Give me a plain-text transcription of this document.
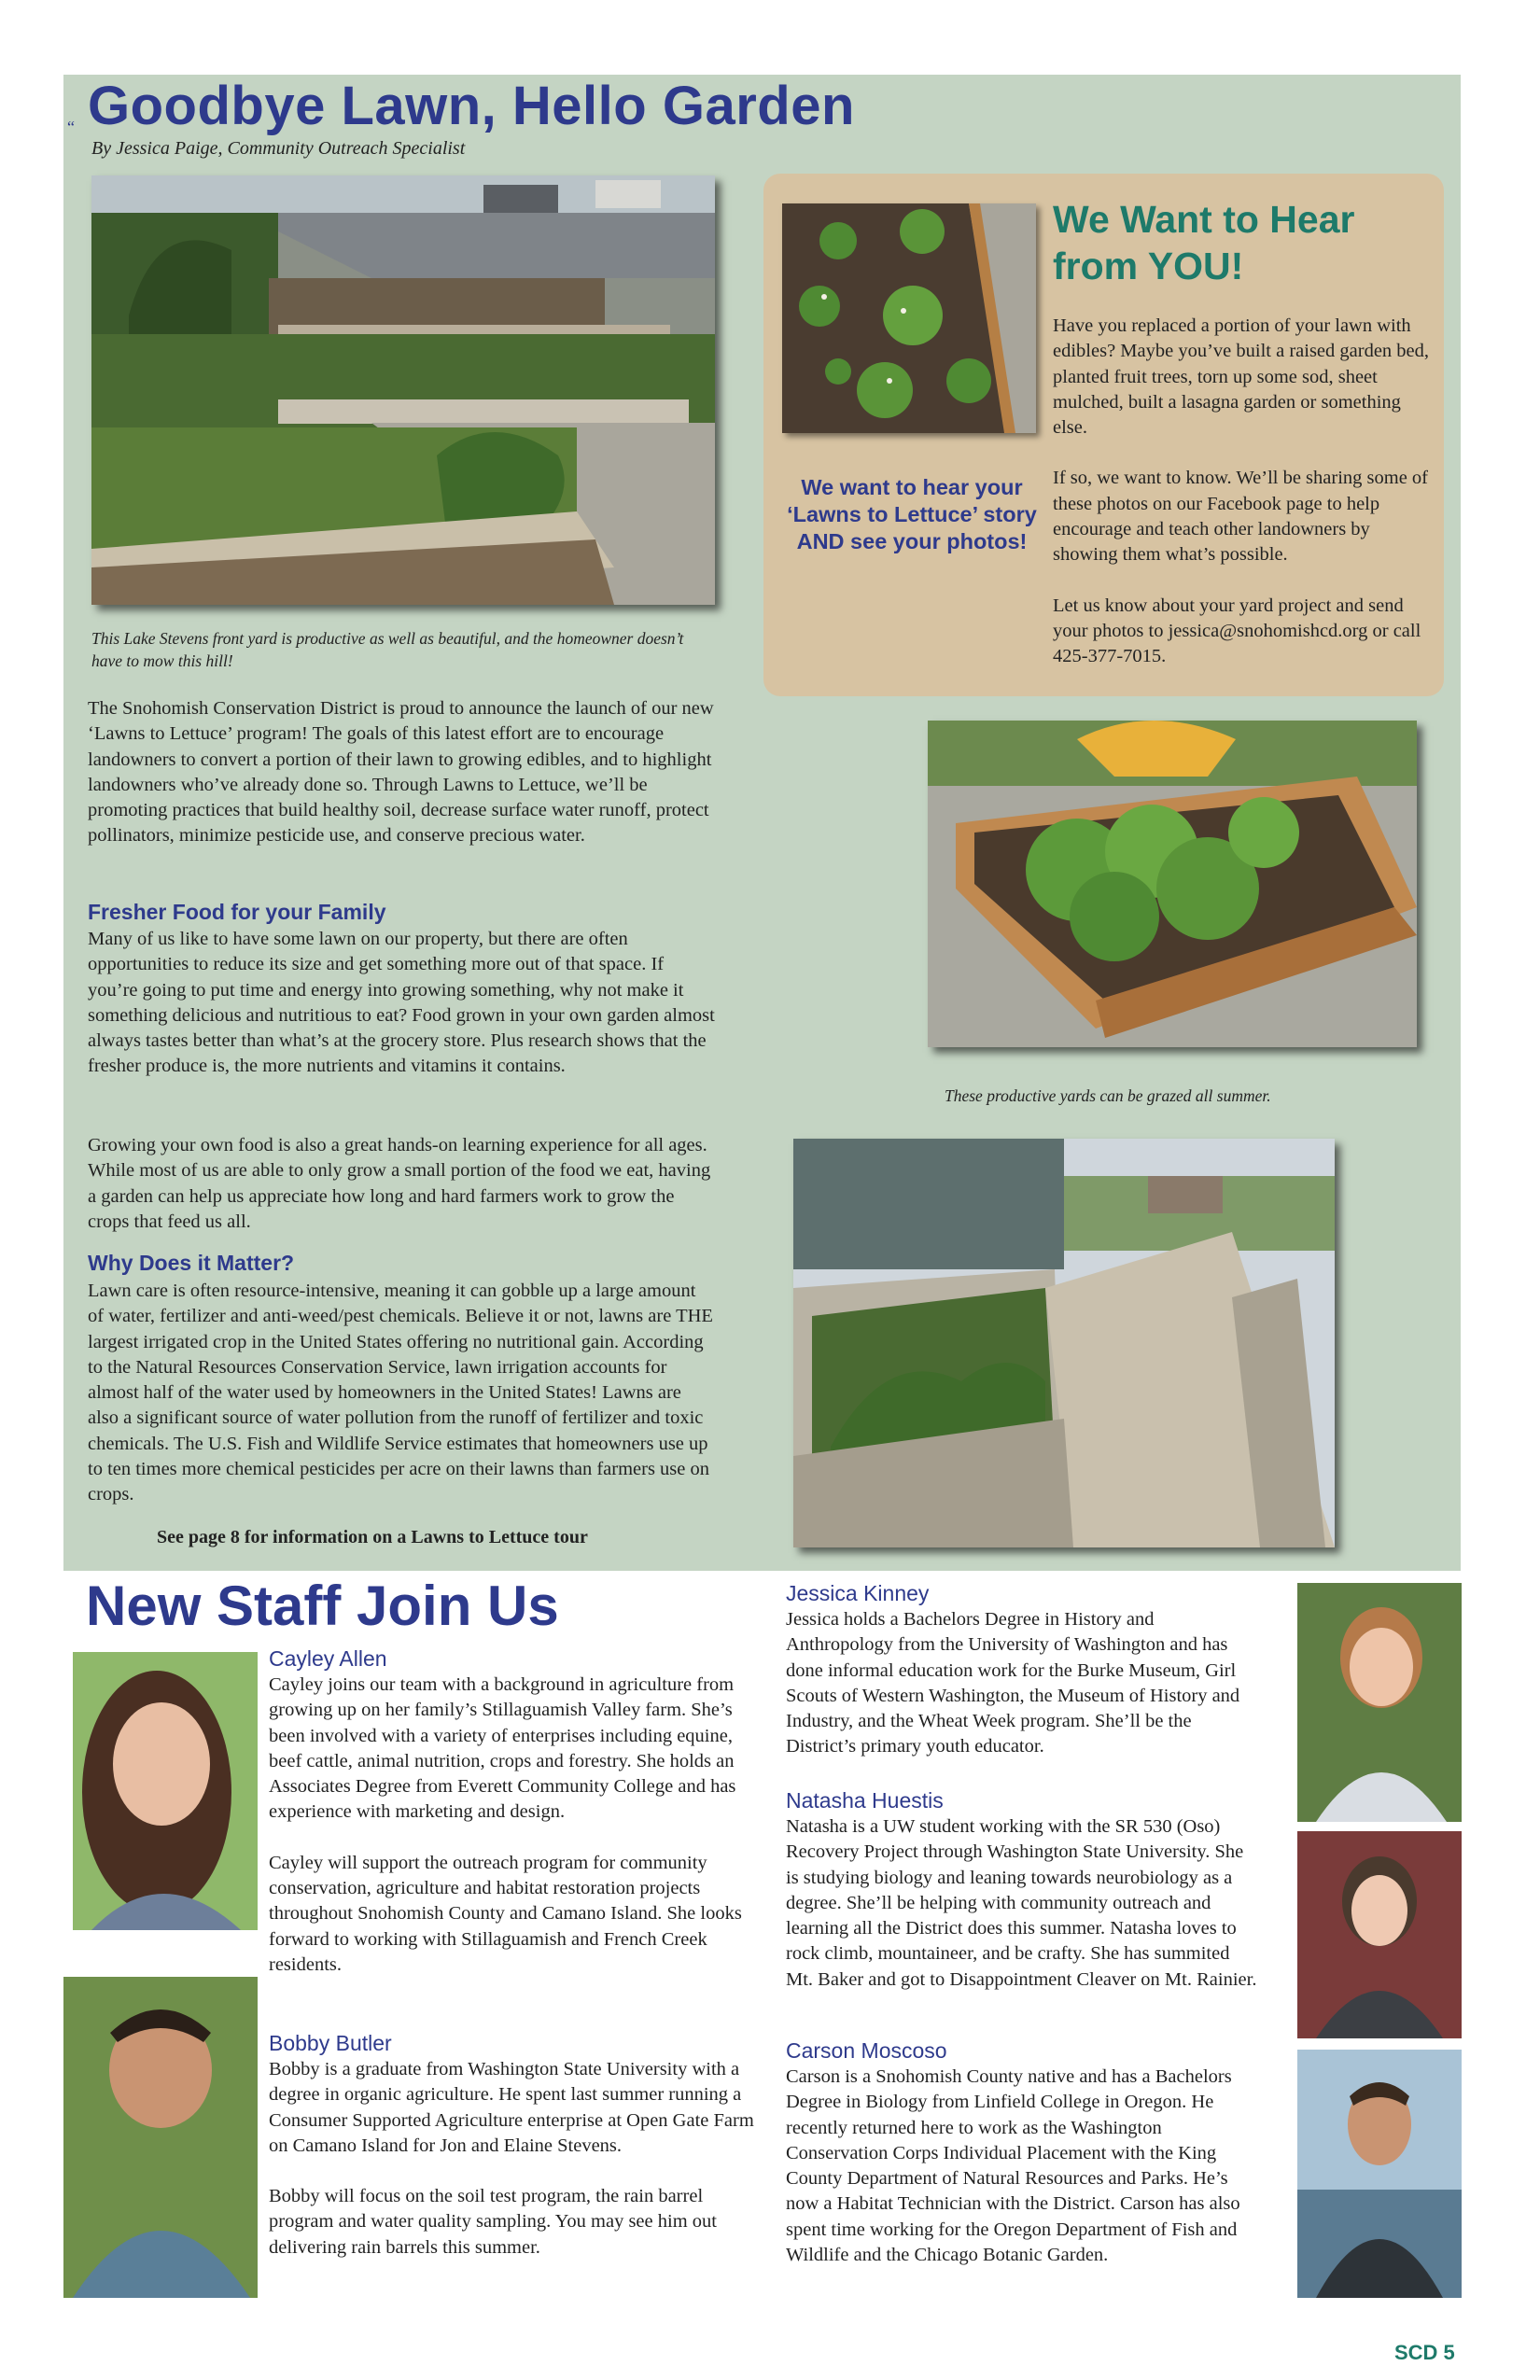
“ Goodbye Lawn, Hello Garden
By Jessica Paige, Community Outreach Specialist
This Lake Stevens front yard is productive as well as beautiful, and the homeowner doesn’t have to mow this hill!

The Snohomish Conservation District is proud to announce the launch of our new ‘Lawns to Lettuce’ program! The goals of this latest effort are to encourage landowners to convert a portion of their lawn to growing edibles, and to highlight landowners who’ve already done so. Through Lawns to Lettuce, we’ll be promoting practices that build healthy soil, decrease surface water runoff, protect pollinators, minimize pesticide use, and conserve precious water.

Fresher Food for your Family

Many of us like to have some lawn on our property, but there are often opportunities to reduce its size and get something more out of that space. If you’re going to put time and energy into growing something, why not make it something delicious and nutritious to eat? Food grown in your own garden almost always tastes better than what’s at the grocery store. Plus research shows that the fresher produce is, the more nutrients and vitamins it contains.

Growing your own food is also a great hands-on learning experience for all ages. While most of us are able to only grow a small portion of the food we eat, having a garden can help us appreciate how long and hard farmers work to grow the crops that feed us all.

Why Does it Matter?

Lawn care is often resource-intensive, meaning it can gobble up a large amount of water, fertilizer and anti-weed/pest chemicals. Believe it or not, lawns are THE largest irrigated crop in the United States offering no nutritional gain. According to the Natural Resources Conservation Service, lawn irrigation accounts for almost half of the water used by homeowners in the United States! Lawns are also a significant source of water pollution from the runoff of fertilizer and toxic chemicals. The U.S. Fish and Wildlife Service estimates that homeowners use up to ten times more chemical pesticides per acre on their lawns than farmers use on crops.

See page 8 for information on a Lawns to Lettuce tour
We Want to Hear from YOU!
We want to hear your ‘Lawns to Lettuce’ story AND see your photos!

Have you replaced a portion of your lawn with edibles? Maybe you’ve built a raised garden bed, planted fruit trees, torn up some sod, sheet mulched, built a lasagna garden or something else.

If so, we want to know. We’ll be sharing some of these photos on our Facebook page to help encourage and teach other landowners by showing them what’s possible.

Let us know about your yard project and send your photos to jessica@snohomishcd.org or call 425-377-7015.

These productive yards can be grazed all summer.
New Staff Join Us
Cayley Allen

Cayley joins our team with a background in agriculture from growing up on her family’s Stillaguamish Valley farm. She’s been involved with a variety of enterprises including equine, beef cattle, animal nutrition, crops and forestry. She holds an Associates Degree from Everett Community College and has experience with marketing and design.

Cayley will support the outreach program for community conservation, agriculture and habitat restoration projects throughout Snohomish County and Camano Island. She looks forward to working with Stillaguamish and French Creek residents.

Bobby Butler

Bobby is a graduate from Washington State University with a degree in organic agriculture. He spent last summer running a Consumer Supported Agriculture enterprise at Open Gate Farm on Camano Island for Jon and Elaine Stevens.

Bobby will focus on the soil test program, the rain barrel program and water quality sampling. You may see him out delivering rain barrels this summer.

Jessica Kinney

Jessica holds a Bachelors Degree in History and Anthropology from the University of Washington and has done informal education work for the Burke Museum, Girl Scouts of Western Washington, the Museum of History and Industry, and the Wheat Week program. She’ll be the District’s primary youth educator.

Natasha Huestis

Natasha is a UW student working with the SR 530 (Oso) Recovery Project through Washington State University. She is studying biology and leaning towards neurobiology as a degree. She’ll be helping with community outreach and learning all the District does this summer. Natasha loves to rock climb, mountaineer, and be crafty. She has summited Mt. Baker and got to Disappointment Cleaver on Mt. Rainier.

Carson Moscoso

Carson is a Snohomish County native and has a Bachelors Degree in Biology from Linfield College in Oregon. He recently returned here to work as the Washington Conservation Corps Individual Placement with the King County Department of Natural Resources and Parks. He’s now a Habitat Technician with the District. Carson has also spent time working for the Oregon Department of Fish and Wildlife and the Chicago Botanic Garden.

SCD 5
